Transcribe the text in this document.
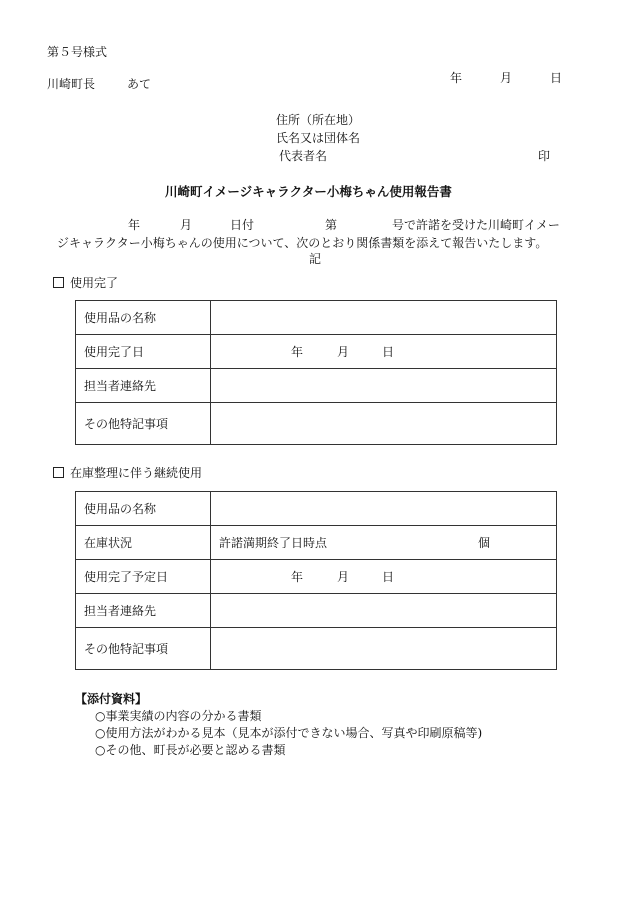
第５号様式
川崎町長	あて	年	月	日
住所（所在地）
氏名又は団体名
代表者名	印
川崎町イメージキャラクター小梅ちゃん使用報告書
年	月	日付	第	号で許諾を受けた川崎町イメー
ジキャラクター小梅ちゃんの使用について、次のとおり関係書類を添えて報告いたします。
記
使用完了
使用品の名称	
使用完了日	年 月 日
担当者連絡先	
その他特記事項	
在庫整理に伴う継続使用
使用品の名称	
在庫状況	許諾満期終了日時点 個
使用完了予定日	年 月 日
担当者連絡先	
その他特記事項	
【添付資料】
○事業実績の内容の分かる書類
○使用方法がわかる見本（見本が添付できない場合、写真や印刷原稿等)
○その他、町長が必要と認める書類
